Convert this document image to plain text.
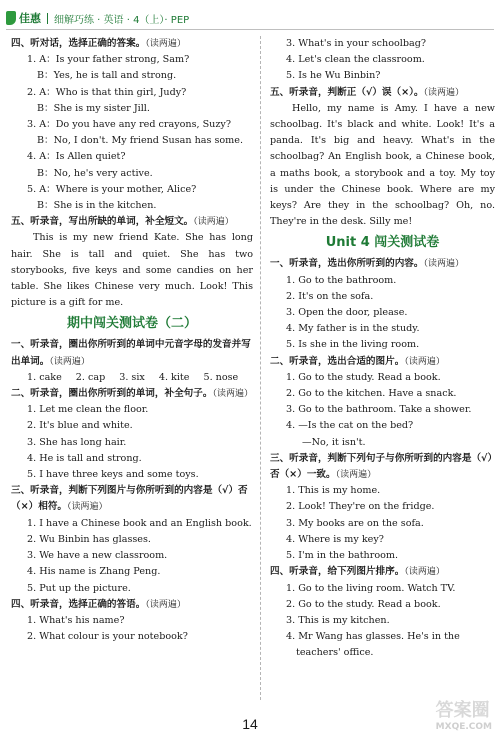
佳惠 细解巧练 · 英语 · 4（上）· PEP
四、听对话，选择正确的答案。（读两遍）
1. A：Is your father strong, Sam?
B：Yes, he is tall and strong.
2. A：Who is that thin girl, Judy?
B：She is my sister Jill.
3. A：Do you have any red crayons, Suzy?
B：No, I don't. My friend Susan has some.
4. A：Is Allen quiet?
B：No, he's very active.
5. A：Where is your mother, Alice?
B：She is in the kitchen.
五、听录音，写出所缺的单词，补全短文。（读两遍）
This is my new friend Kate. She has long hair. She is tall and quiet. She has two storybooks, five keys and some candies on her table. She likes Chinese very much. Look! This picture is a gift for me.
期中闯关测试卷（二）
一、听录音，圈出你所听到的单词中元音字母的发音并写出单词。（读两遍）
1. cake 2. cap 3. six 4. kite 5. nose
二、听录音，圈出你所听到的单词，补全句子。（读两遍）
1. Let me clean the floor.
2. It's blue and white.
3. She has long hair.
4. He is tall and strong.
5. I have three keys and some toys.
三、听录音，判断下列图片与你所听到的内容是（√）否（×）相符。（读两遍）
1. I have a Chinese book and an English book.
2. Wu Binbin has glasses.
3. We have a new classroom.
4. His name is Zhang Peng.
5. Put up the picture.
四、听录音，选择正确的答语。（读两遍）
1. What's his name?
2. What colour is your notebook?
3. What's in your schoolbag?
4. Let's clean the classroom.
5. Is he Wu Binbin?
五、听录音，判断正（√）误（×）。（读两遍）
Hello, my name is Amy. I have a new schoolbag. It's black and white. Look! It's a panda. It's big and heavy. What's in the schoolbag? An English book, a Chinese book, a maths book, a storybook and a toy. My toy is under the Chinese book. Where are my keys? Are they in the schoolbag? Oh, no. They're in the desk. Silly me!
Unit 4 闯关测试卷
一、听录音，选出你所听到的内容。（读两遍）
1. Go to the bathroom.
2. It's on the sofa.
3. Open the door, please.
4. My father is in the study.
5. Is she in the living room.
二、听录音，选出合适的图片。（读两遍）
1. Go to the study. Read a book.
2. Go to the kitchen. Have a snack.
3. Go to the bathroom. Take a shower.
4. —Is the cat on the bed?
—No, it isn't.
三、听录音，判断下列句子与你所听到的内容是（√）否（×）一致。（读两遍）
1. This is my home.
2. Look! They're on the fridge.
3. My books are on the sofa.
4. Where is my key?
5. I'm in the bathroom.
四、听录音，给下列图片排序。（读两遍）
1. Go to the living room. Watch TV.
2. Go to the study. Read a book.
3. This is my kitchen.
4. Mr Wang has glasses. He's in the teachers' office.
14
答案圈
MXQE.COM
